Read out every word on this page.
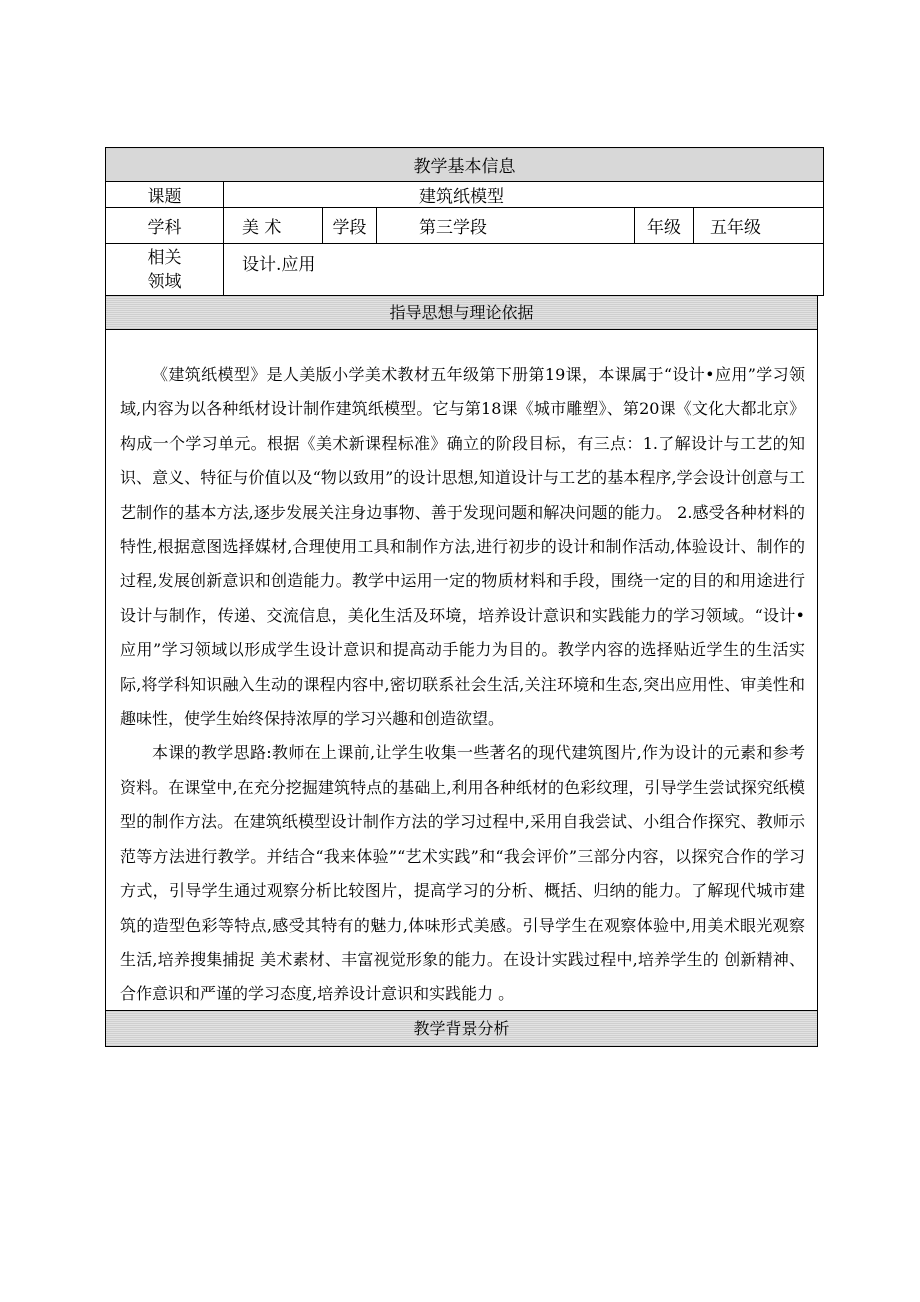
教学基本信息					
课题	建筑纸模型				
学科	美 术	学段	第三学段	年级	五年级
相关
领域	设计.应用				
指导思想与理论依据

《建筑纸模型》是人美版小学美术教材五年级第下册第19课，本课属于“设计•应用”学习领域,内容为以各种纸材设计制作建筑纸模型。它与第18课《城市雕塑》、第20课《文化大都北京》构成一个学习单元。根据《美术新课程标准》确立的阶段目标，有三点：1.了解设计与工艺的知识、意义、特征与价值以及“物以致用”的设计思想,知道设计与工艺的基本程序,学会设计创意与工艺制作的基本方法,逐步发展关注身边事物、善于发现问题和解决问题的能力。 2.感受各种材料的特性,根据意图选择媒材,合理使用工具和制作方法,进行初步的设计和制作活动,体验设计、制作的过程,发展创新意识和创造能力。教学中运用一定的物质材料和手段，围绕一定的目的和用途进行设计与制作，传递、交流信息，美化生活及环境，培养设计意识和实践能力的学习领域。“设计•应用”学习领域以形成学生设计意识和提高动手能力为目的。教学内容的选择贴近学生的生活实际,将学科知识融入生动的课程内容中,密切联系社会生活,关注环境和生态,突出应用性、审美性和趣味性，使学生始终保持浓厚的学习兴趣和创造欲望。

本课的教学思路:教师在上课前,让学生收集一些著名的现代建筑图片,作为设计的元素和参考资料。在课堂中,在充分挖掘建筑特点的基础上,利用各种纸材的色彩纹理，引导学生尝试探究纸模型的制作方法。在建筑纸模型设计制作方法的学习过程中,采用自我尝试、小组合作探究、教师示范等方法进行教学。并结合“我来体验”“艺术实践”和“我会评价”三部分内容，以探究合作的学习方式，引导学生通过观察分析比较图片，提高学习的分析、概括、归纳的能力。了解现代城市建筑的造型色彩等特点,感受其特有的魅力,体味形式美感。引导学生在观察体验中,用美术眼光观察生活,培养搜集捕捉 美术素材、丰富视觉形象的能力。在设计实践过程中,培养学生的 创新精神、合作意识和严谨的学习态度,培养设计意识和实践能力 。

教学背景分析
